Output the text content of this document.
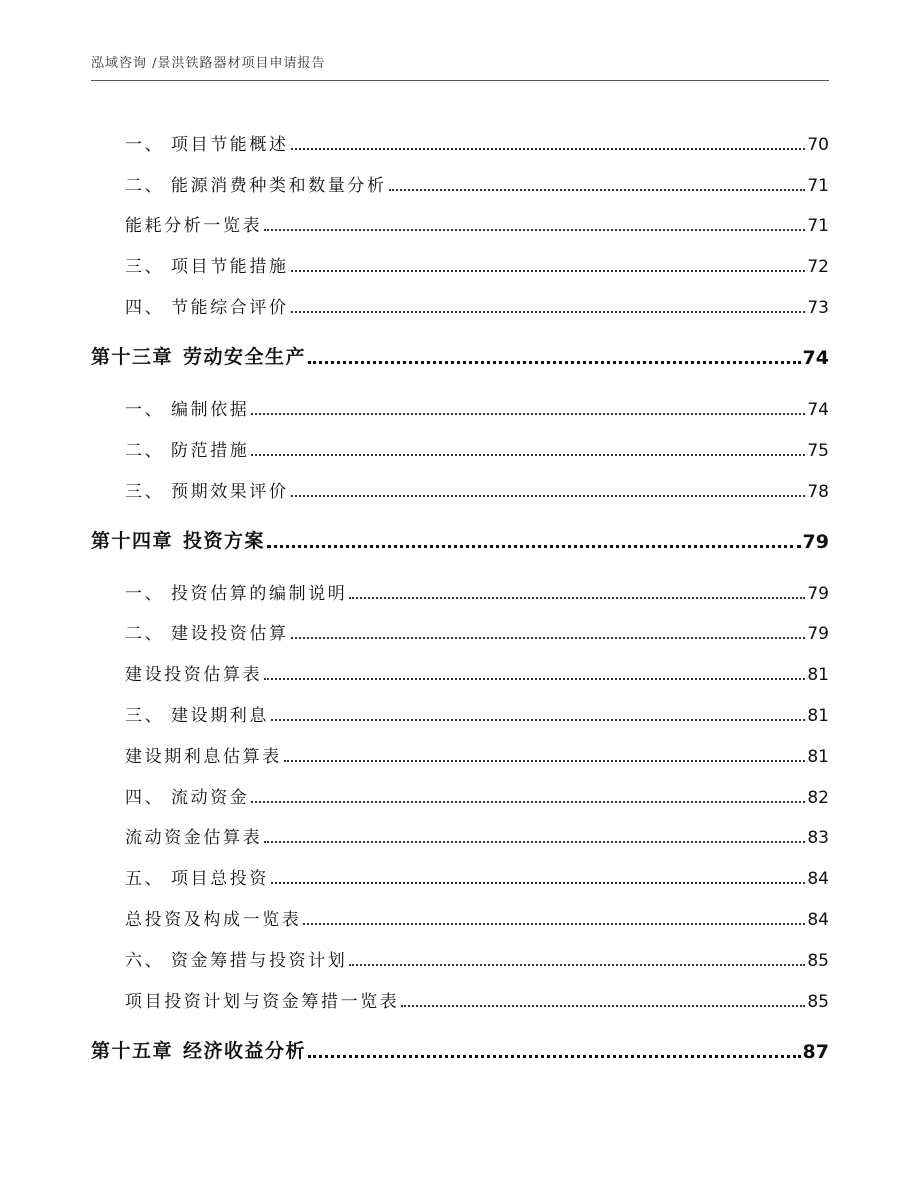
泓域咨询 /景洪铁路器材项目申请报告
一、 项目节能概述	70
二、 能源消费种类和数量分析	71
能耗分析一览表	71
三、 项目节能措施	72
四、 节能综合评价	73
第十三章 劳动安全生产	74
一、 编制依据	74
二、 防范措施	75
三、 预期效果评价	78
第十四章 投资方案	79
一、 投资估算的编制说明	79
二、 建设投资估算	79
建设投资估算表	81
三、 建设期利息	81
建设期利息估算表	81
四、 流动资金	82
流动资金估算表	83
五、 项目总投资	84
总投资及构成一览表	84
六、 资金筹措与投资计划	85
项目投资计划与资金筹措一览表	85
第十五章 经济收益分析	87
